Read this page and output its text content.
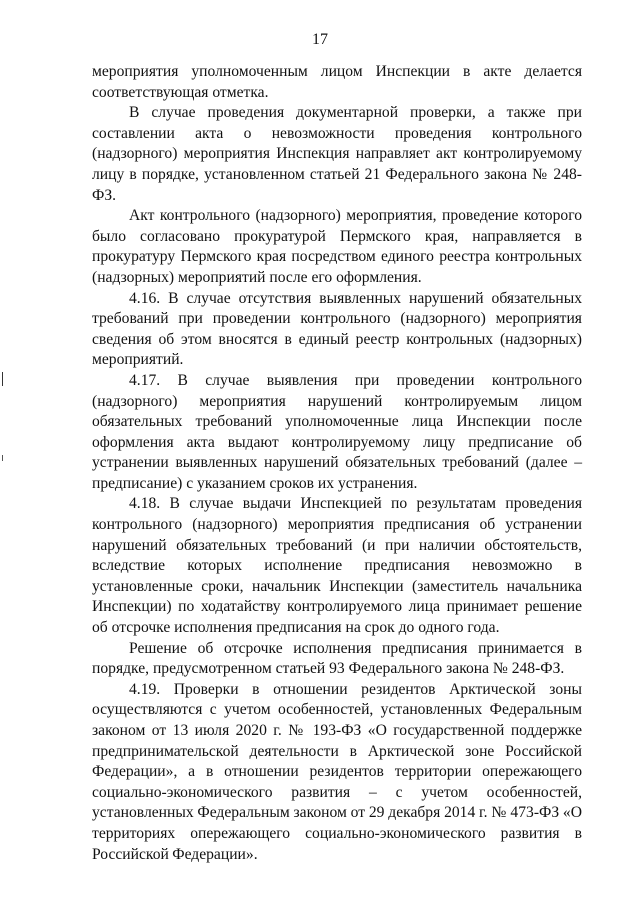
17

мероприятия уполномоченным лицом Инспекции в акте делается соответствующая отметка.

В случае проведения документарной проверки, а также при составлении акта о невозможности проведения контрольного (надзорного) мероприятия Инспекция направляет акт контролируемому лицу в порядке, установленном статьей 21 Федерального закона № 248-ФЗ.

Акт контрольного (надзорного) мероприятия, проведение которого было согласовано прокуратурой Пермского края, направляется в прокуратуру Пермского края посредством единого реестра контрольных (надзорных) мероприятий после его оформления.

4.16. В случае отсутствия выявленных нарушений обязательных требований при проведении контрольного (надзорного) мероприятия сведения об этом вносятся в единый реестр контрольных (надзорных) мероприятий.

4.17. В случае выявления при проведении контрольного (надзорного) мероприятия нарушений контролируемым лицом обязательных требований уполномоченные лица Инспекции после оформления акта выдают контролируемому лицу предписание об устранении выявленных нарушений обязательных требований (далее – предписание) с указанием сроков их устранения.

4.18. В случае выдачи Инспекцией по результатам проведения контрольного (надзорного) мероприятия предписания об устранении нарушений обязательных требований (и при наличии обстоятельств, вследствие которых исполнение предписания невозможно в установленные сроки, начальник Инспекции (заместитель начальника Инспекции) по ходатайству контролируемого лица принимает решение об отсрочке исполнения предписания на срок до одного года.

Решение об отсрочке исполнения предписания принимается в порядке, предусмотренном статьей 93 Федерального закона № 248-ФЗ.

4.19. Проверки в отношении резидентов Арктической зоны осуществляются с учетом особенностей, установленных Федеральным законом от 13 июля 2020 г. № 193-ФЗ «О государственной поддержке предпринимательской деятельности в Арктической зоне Российской Федерации», а в отношении резидентов территории опережающего социально-экономического развития – с учетом особенностей, установленных Федеральным законом от 29 декабря 2014 г. № 473-ФЗ «О территориях опережающего социально-экономического развития в Российской Федерации».
